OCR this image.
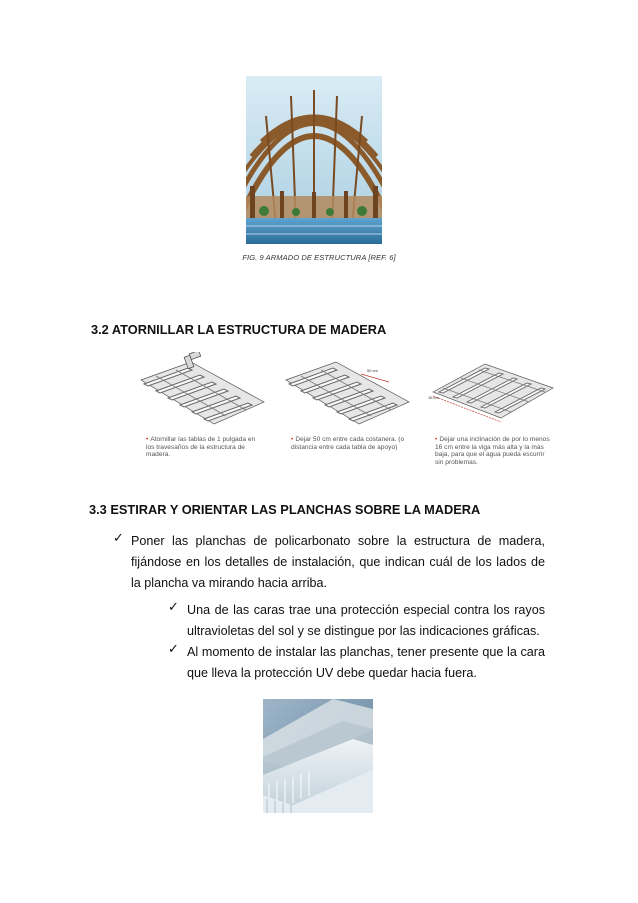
FIG. 9 ARMADO DE ESTRUCTURA [REF. 6]
3.2 ATORNILLAR LA ESTRUCTURA DE MADERA
• Atornillar las tablas de 1 pulgada en los travesaños de la estructura de madera.
50 cm
• Dejar 50 cm entre cada costanera. (o distancia entre cada tabla de apoyo)
16 cm
• Dejar una inclinación de por lo menos 16 cm entre la viga más alta y la más baja, para que el agua pueda escurrir sin problemas.
3.3 ESTIRAR Y ORIENTAR LAS PLANCHAS SOBRE LA MADERA
✓ Poner las planchas de policarbonato sobre la estructura de madera, fijándose en los detalles de instalación, que indican cuál de los lados de la plancha va mirando hacia arriba.
✓ Una de las caras trae una protección especial contra los rayos ultravioletas del sol y se distingue por las indicaciones gráficas.
✓ Al momento de instalar las planchas, tener presente que la cara que lleva la protección UV debe quedar hacia fuera.
